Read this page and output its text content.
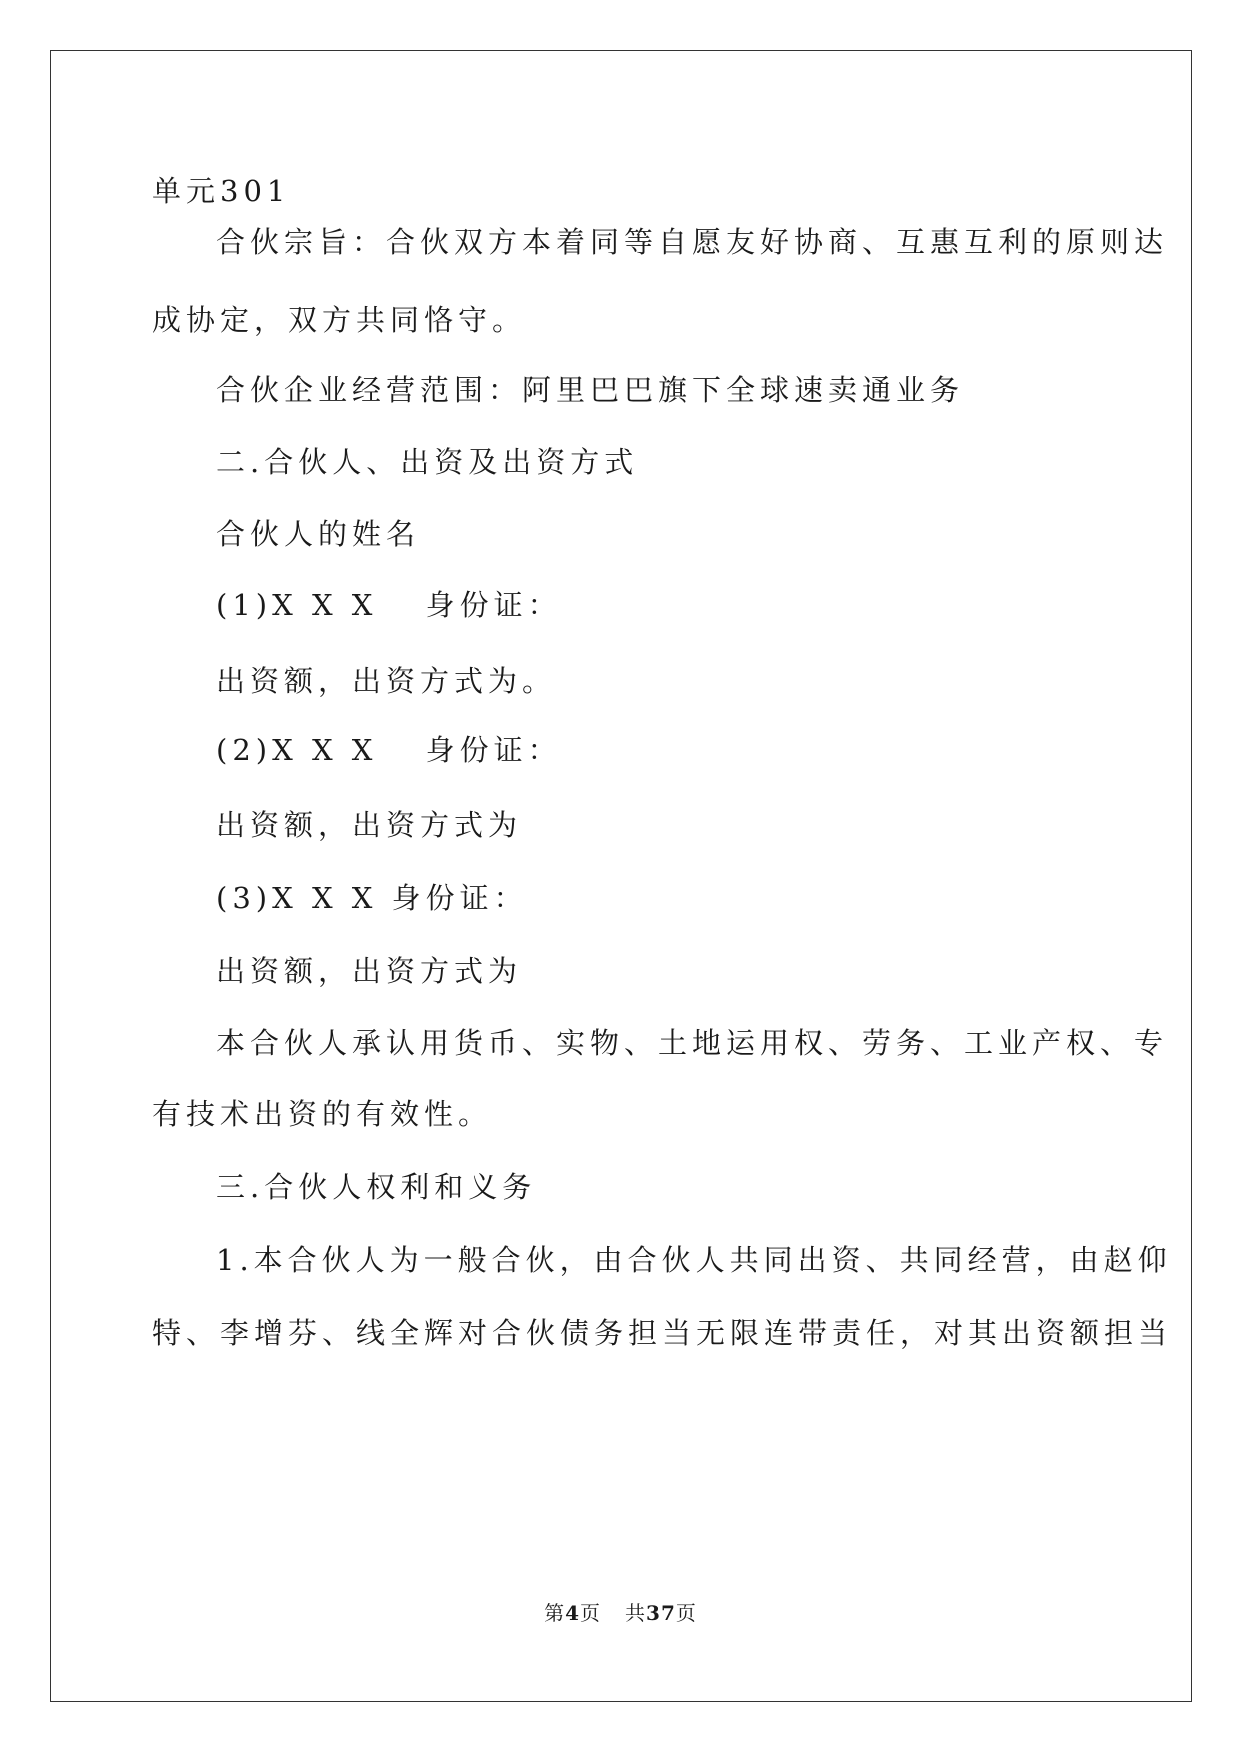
单元301

合伙宗旨：合伙双方本着同等自愿友好协商、互惠互利的原则达

成协定，双方共同恪守。

合伙企业经营范围：阿里巴巴旗下全球速卖通业务

二.合伙人、出资及出资方式

合伙人的姓名

(1)X X X　 身份证：

出资额，出资方式为。

(2)X X X　 身份证：

出资额，出资方式为

(3)X X X 身份证：

出资额，出资方式为

本合伙人承认用货币、实物、土地运用权、劳务、工业产权、专

有技术出资的有效性。

三.合伙人权利和义务

1.本合伙人为一般合伙，由合伙人共同出资、共同经营，由赵仰

特、李增芬、线全辉对合伙债务担当无限连带责任，对其出资额担当

第4页 共37页
